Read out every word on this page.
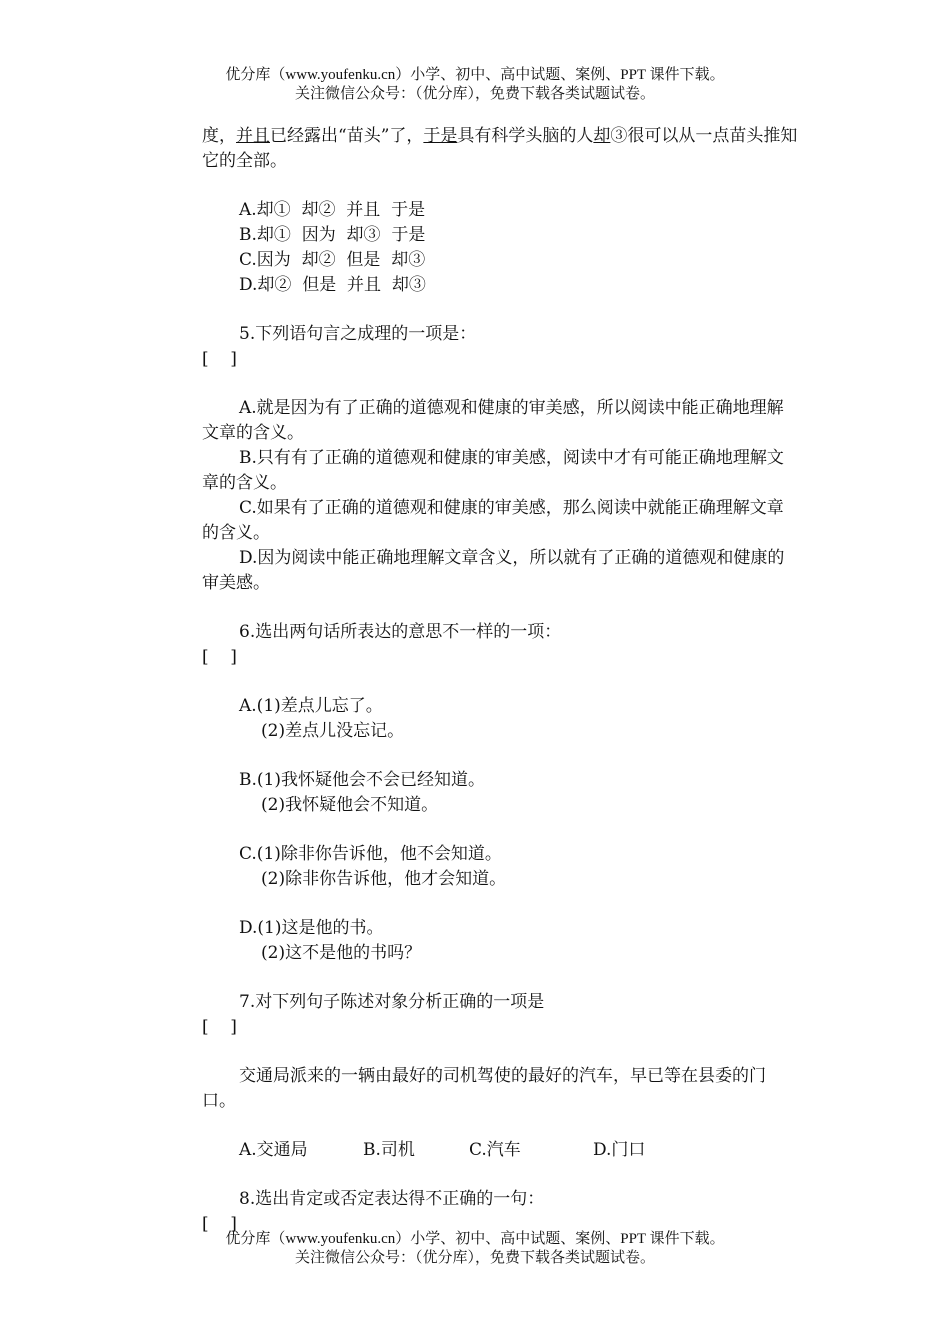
优分库（www.youfenku.cn）小学、初中、高中试题、案例、PPT 课件下载。
关注微信公众号：（优分库），免费下载各类试题试卷。

度，并且已经露出“苗头”了，于是具有科学头脑的人却③很可以从一点苗头推知它的全部。

A.却①  却②  并且  于是

B.却①  因为  却③  于是

C.因为  却②  但是  却③

D.却②  但是  并且  却③

5.下列语句言之成理的一项是：

[    ]

A.就是因为有了正确的道德观和健康的审美感，所以阅读中能正确地理解文章的含义。

B.只有有了正确的道德观和健康的审美感，阅读中才有可能正确地理解文章的含义。

C.如果有了正确的道德观和健康的审美感，那么阅读中就能正确理解文章的含义。

D.因为阅读中能正确地理解文章含义，所以就有了正确的道德观和健康的审美感。

6.选出两句话所表达的意思不一样的一项：

[    ]

A.(1)差点儿忘了。

(2)差点儿没忘记。

B.(1)我怀疑他会不会已经知道。

(2)我怀疑他会不知道。

C.(1)除非你告诉他，他不会知道。

(2)除非你告诉他，他才会知道。

D.(1)这是他的书。

(2)这不是他的书吗？

7.对下列句子陈述对象分析正确的一项是

[    ]

交通局派来的一辆由最好的司机驾使的最好的汽车，早已等在县委的门口。

A.交通局	B.司机	C.汽车	D.门口

8.选出肯定或否定表达得不正确的一句：

[    ]

优分库（www.youfenku.cn）小学、初中、高中试题、案例、PPT 课件下载。
关注微信公众号：（优分库），免费下载各类试题试卷。
